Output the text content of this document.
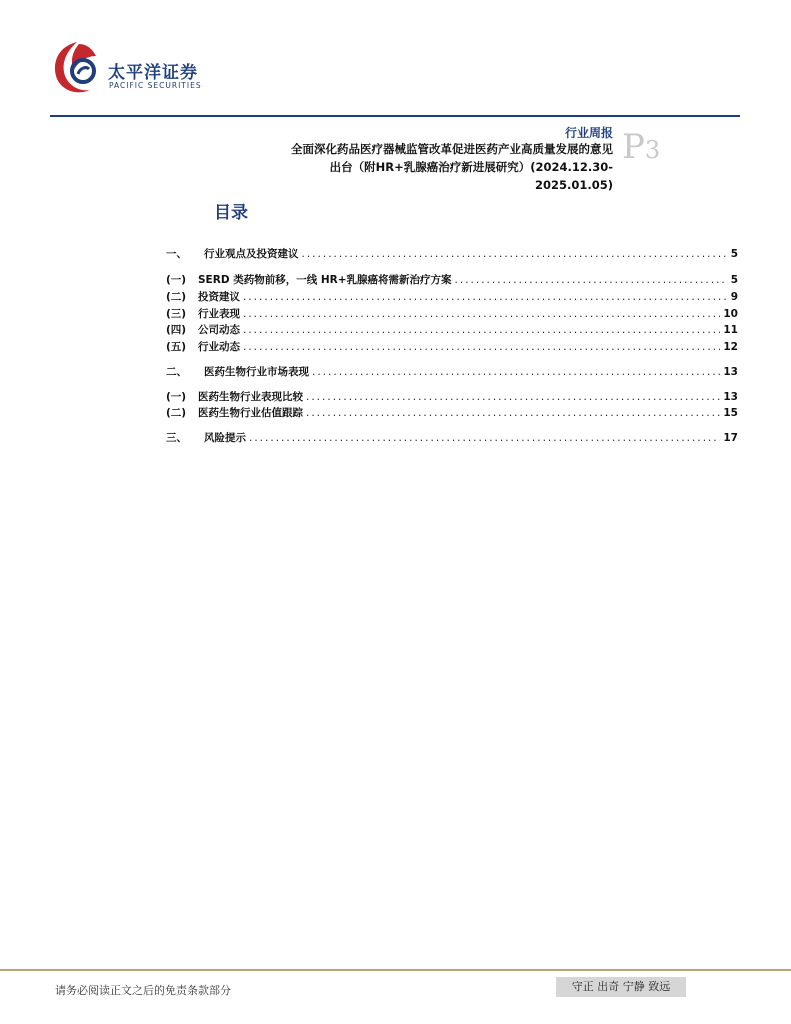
太平洋证券
PACIFIC SECURITIES
行业周报 P3
全面深化药品医疗器械监管改革促进医药产业高质量发展的意见
出台（附HR+乳腺癌治疗新进展研究）(2024.12.30-
2025.01.05)
目录
一、	行业观点及投资建议 .....	5
(一)	SERD 类药物前移，一线 HR+乳腺癌将需新治疗方案 .....	5
(二)	投资建议 .....	9
(三)	行业表现 .....	10
(四)	公司动态 .....	11
(五)	行业动态 .....	12
二、	医药生物行业市场表现 .....	13
(一)	医药生物行业表现比较 .....	13
(二)	医药生物行业估值跟踪 .....	15
三、	风险提示 .....	17
请务必阅读正文之后的免责条款部分	守正 出奇 宁静 致远
